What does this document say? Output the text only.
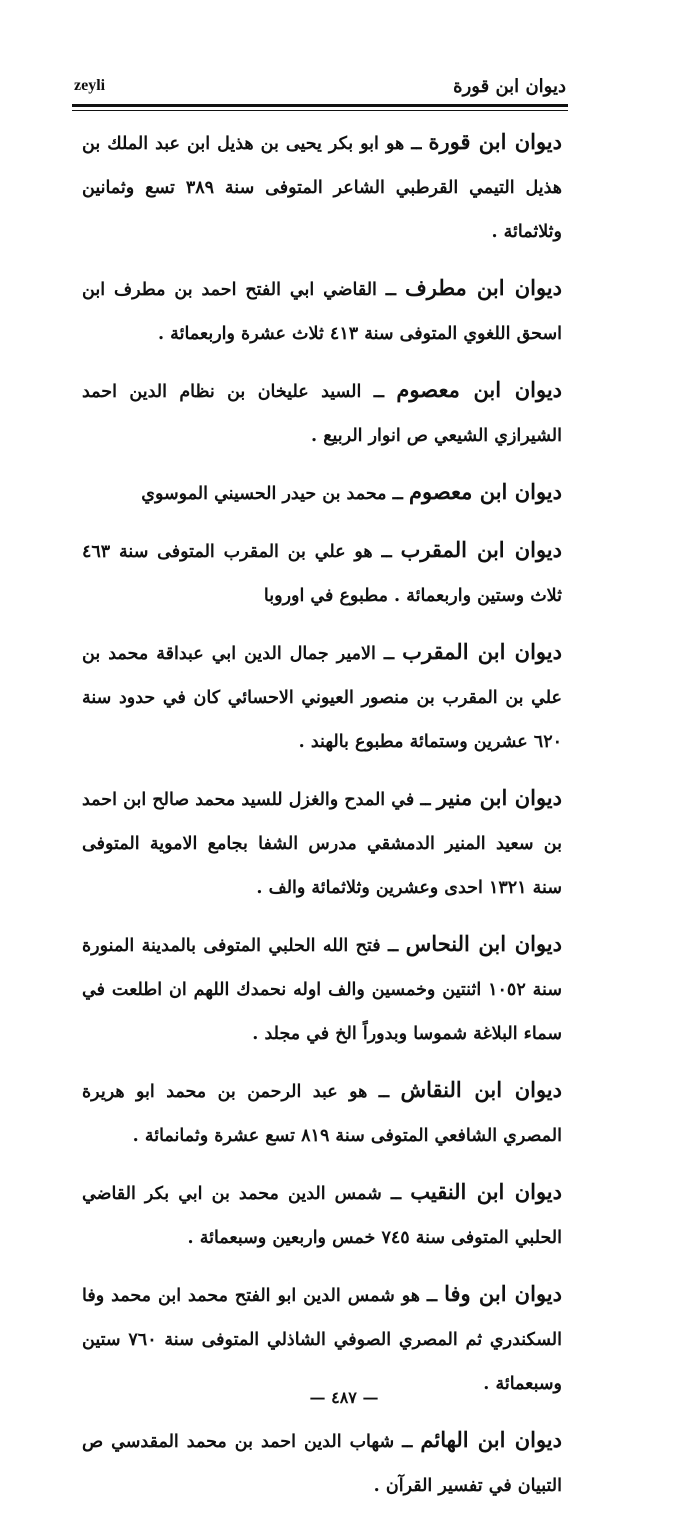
zeyli	ديوان ابن قورة

ديوان ابن قورة ــ هو ابو بكر يحيى بن هذيل ابن عبد الملك بن هذيل التيمي القرطبي الشاعر المتوفى سنة ٣٨٩ تسع وثمانين وثلاثمائة .

ديوان ابن مطرف ــ القاضي ابي الفتح احمد بن مطرف ابن اسحق اللغوي المتوفى سنة ٤١٣ ثلاث عشرة واربعمائة .

ديوان ابن معصوم ــ السيد عليخان بن نظام الدين احمد الشيرازي الشيعي ص انوار الربيع .

ديوان ابن معصوم ــ محمد بن حيدر الحسيني الموسوي

ديوان ابن المقرب ــ هو علي بن المقرب المتوفى سنة ٤٦٣ ثلاث وستين واربعمائة . مطبوع في اوروبا

ديوان ابن المقرب ــ الامير جمال الدين ابي عبداقة محمد بن علي بن المقرب بن منصور العيوني الاحسائي كان في حدود سنة ٦٢٠ عشرين وستمائة مطبوع بالهند .

ديوان ابن منير ــ في المدح والغزل للسيد محمد صالح ابن احمد بن سعيد المنير الدمشقي مدرس الشفا بجامع الاموية المتوفى سنة ١٣٢١ احدى وعشرين وثلاثمائة والف .

ديوان ابن النحاس ــ فتح الله الحلبي المتوفى بالمدينة المنورة سنة ١٠٥٢ اثنتين وخمسين والف اوله نحمدك اللهم ان اطلعت في سماء البلاغة شموسا وبدوراً الخ في مجلد .

ديوان ابن النقاش ــ هو عبد الرحمن بن محمد ابو هريرة المصري الشافعي المتوفى سنة ٨١٩ تسع عشرة وثمانمائة .

ديوان ابن النقيب ــ شمس الدين محمد بن ابي بكر القاضي الحلبي المتوفى سنة ٧٤٥ خمس واربعين وسبعمائة .

ديوان ابن وفا ــ هو شمس الدين ابو الفتح محمد ابن محمد وفا السكندري ثم المصري الصوفي الشاذلي المتوفى سنة ٧٦٠ ستين وسبعمائة .

ديوان ابن الهائم ــ شهاب الدين احمد بن محمد المقدسي ص التبيان في تفسير القرآن .

— ٤٨٧ —
